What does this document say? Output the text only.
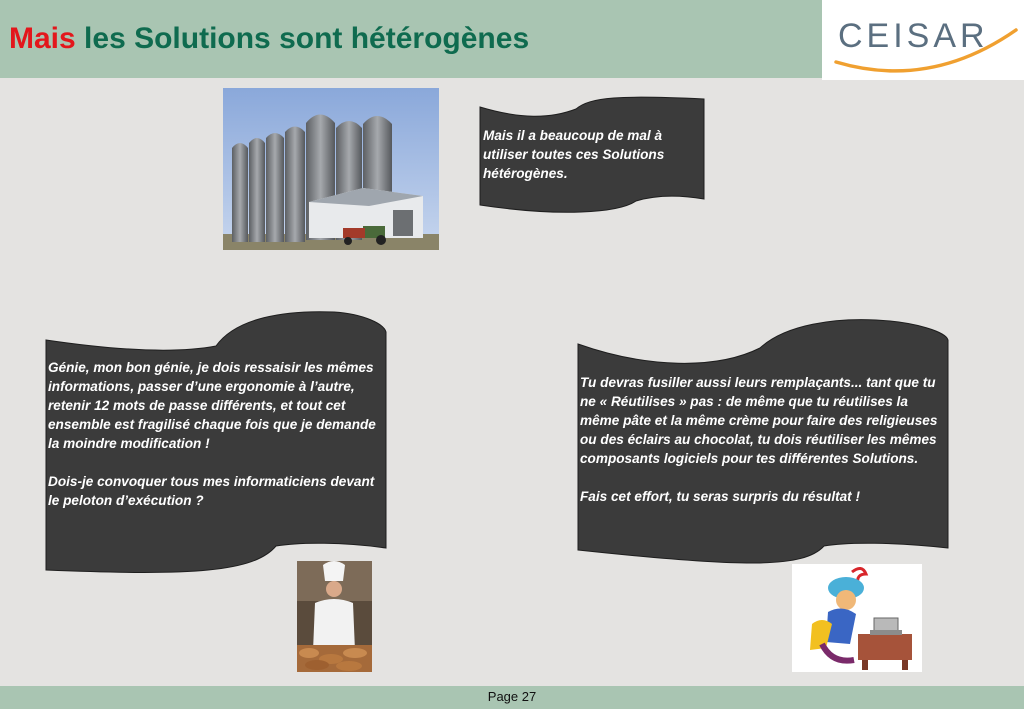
Mais les Solutions sont hétérogènes	CEISAR
Mais il a beaucoup de mal à utiliser toutes ces Solutions hétérogènes.

Génie, mon bon génie, je dois ressaisir les mêmes informations, passer d’une ergonomie à l’autre, retenir 12 mots de passe différents, et tout cet ensemble est fragilisé chaque fois que je demande la moindre modification !

Dois-je convoquer tous mes informaticiens devant le peloton d’exécution ?

Tu devras fusiller aussi leurs remplaçants... tant que tu ne « Réutilises » pas : de même que tu réutilises la même pâte et la même crème pour faire des religieuses ou des éclairs au chocolat, tu dois réutiliser les mêmes composants logiciels pour tes différentes Solutions.

Fais cet effort, tu seras surpris du résultat !

Page 27
